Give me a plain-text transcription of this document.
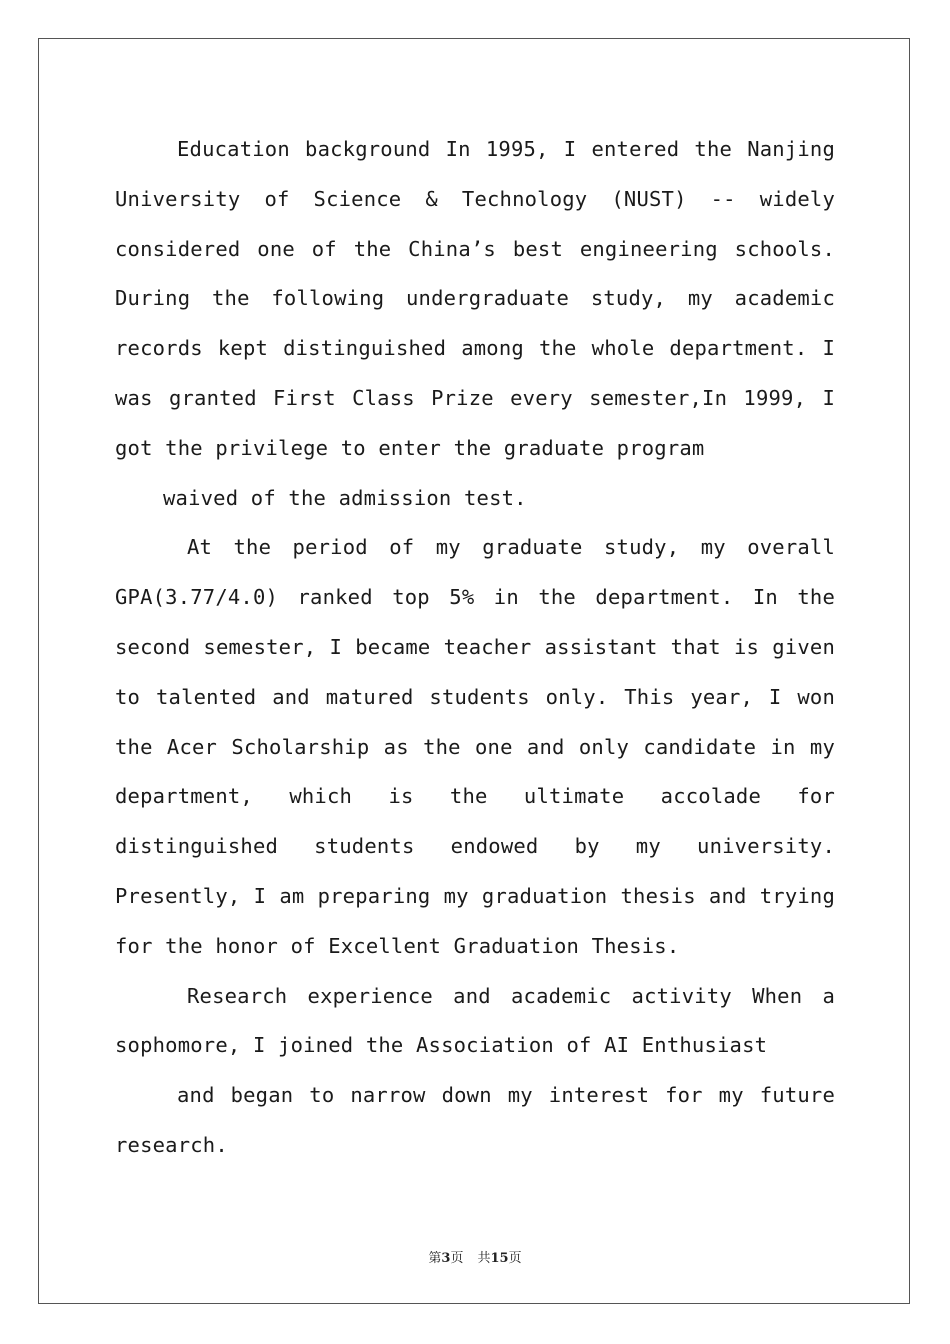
Education background In 1995, I entered the Nanjing University of Science & Technology (NUST) -- widely considered one of the China’s best engineering schools. During the following undergraduate study, my academic records kept distinguished among the whole department. I was granted First Class Prize every semester,In 1999, I got the privilege to enter the graduate program

waived of the admission test.

At the period of my graduate study, my overall GPA(3.77/4.0) ranked top 5% in the department. In the second semester, I became teacher assistant that is given to talented and matured students only. This year, I won the Acer Scholarship as the one and only candidate in my department, which is the ultimate accolade for distinguished students endowed by my university. Presently, I am preparing my graduation thesis and trying for the honor of Excellent Graduation Thesis.

Research experience and academic activity When a sophomore, I joined the Association of AI Enthusiast

and began to narrow down my interest for my future research.

第3页 共15页
